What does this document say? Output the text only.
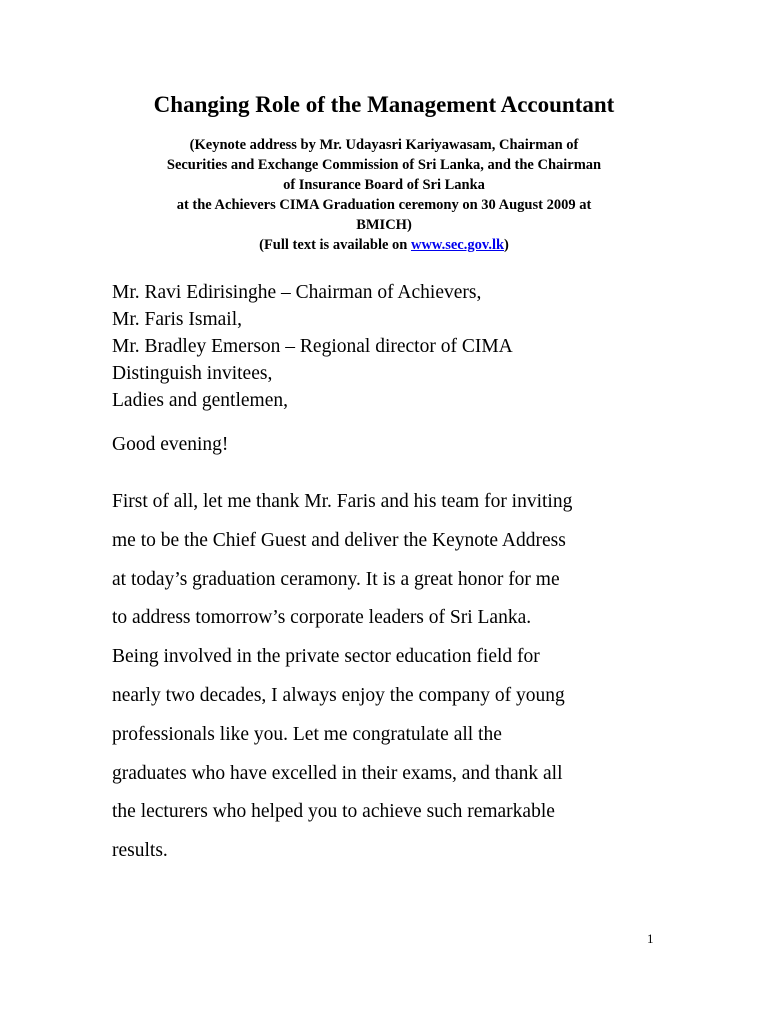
Changing Role of the Management Accountant
(Keynote address by Mr. Udayasri Kariyawasam, Chairman of
Securities and Exchange Commission of Sri Lanka, and the Chairman
of Insurance Board of Sri Lanka
at the Achievers CIMA Graduation ceremony on 30 August 2009 at
BMICH)
(Full text is available on www.sec.gov.lk)
Mr. Ravi Edirisinghe – Chairman of Achievers,
Mr. Faris Ismail,
Mr. Bradley Emerson – Regional director of CIMA
Distinguish invitees,
Ladies and gentlemen,
Good evening!
First of all, let me thank Mr. Faris and his team for inviting
me to be the Chief Guest and deliver the Keynote Address
at today’s graduation ceramony. It is a great honor for me
to address tomorrow’s corporate leaders of Sri Lanka.
Being involved in the private sector education field for
nearly two decades, I always enjoy the company of young
professionals like you. Let me congratulate all the
graduates who have excelled in their exams, and thank all
the lecturers who helped you to achieve such remarkable
results.
1
